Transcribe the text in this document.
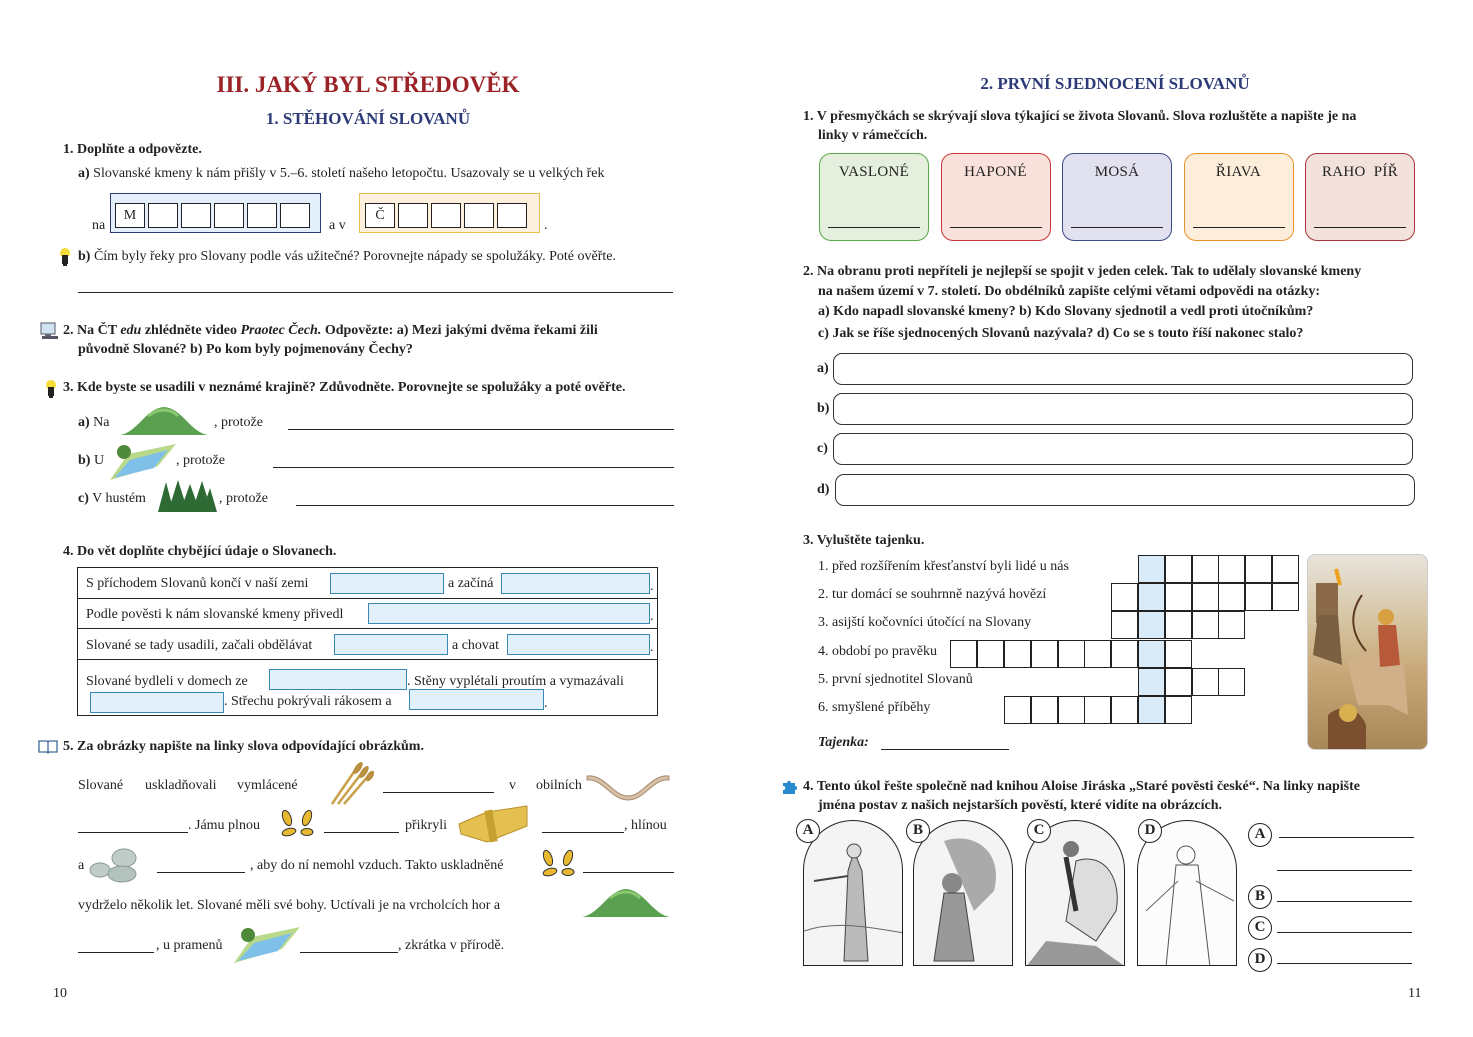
III. JAKÝ BYL STŘEDOVĚK
1. STĚHOVÁNÍ SLOVANŮ
1. Doplňte a odpovězte.
a) Slovanské kmeny k nám přišly v 5.–6. století našeho letopočtu. Usazovaly se u velkých řek
na
M
a v
Č
.
b) Čím byly řeky pro Slovany podle vás užitečné? Porovnejte nápady se spolužáky. Poté ověřte.
2. Na ČT edu zhlédněte video Praotec Čech. Odpovězte: a) Mezi jakými dvěma řekami žili
původně Slované? b) Po kom byly pojmenovány Čechy?
3. Kde byste se usadili v neznámé krajině? Zdůvodněte. Porovnejte se spolužáky a poté ověřte.
a) Na	, protože
b) U	, protože
c) V hustém	, protože
4. Do vět doplňte chybějící údaje o Slovanech.
S příchodem Slovanů končí v naší zemi	a začíná	.
Podle pověsti k nám slovanské kmeny přivedl	.
Slované se tady usadili, začali obdělávat	a chovat	.
Slované bydleli v domech ze	. Stěny vyplétali proutím a vymazávali
. Střechu pokrývali rákosem a	.
5. Za obrázky napište na linky slova odpovídající obrázkům.
Slované uskladňovali vymlácené	v obilních
. Jámu plnou	přikryli	, hlínou
a	, aby do ní nemohl vzduch. Takto uskladněné
vydrželo několik let. Slované měli své bohy. Uctívali je na vrcholcích hor a
, u pramenů	, zkrátka v přírodě.
10
2. PRVNÍ SJEDNOCENÍ SLOVANŮ
1. V přesmyčkách se skrývají slova týkající se života Slovanů. Slova rozluštěte a napište je na
linky v rámečcích.
VASLONÉ	HAPONÉ	MOSÁ	ŘIAVA	RAHO  PÍŘ
2. Na obranu proti nepříteli je nejlepší se spojit v jeden celek. Tak to udělaly slovanské kmeny
na našem území v 7. století. Do obdélníků zapište celými větami odpovědi na otázky:
a) Kdo napadl slovanské kmeny? b) Kdo Slovany sjednotil a vedl proti útočníkům?
c) Jak se říše sjednocených Slovanů nazývala? d) Co se s touto říší nakonec stalo?
a)
b)
c)
d)
3. Vyluštěte tajenku.
1. před rozšířením křesťanství byli lidé u nás
2. tur domácí se souhrnně nazývá hovězí
3. asijští kočovníci útočící na Slovany
4. období po pravěku
5. první sjednotitel Slovanů
6. smyšlené příběhy
Tajenka:
4. Tento úkol řešte společně nad knihou Aloise Jiráska „Staré pověsti české“. Na linky napište
jména postav z našich nejstarších pověstí, které vidíte na obrázcích.
A	B	C	D	A
B
C
D
11
